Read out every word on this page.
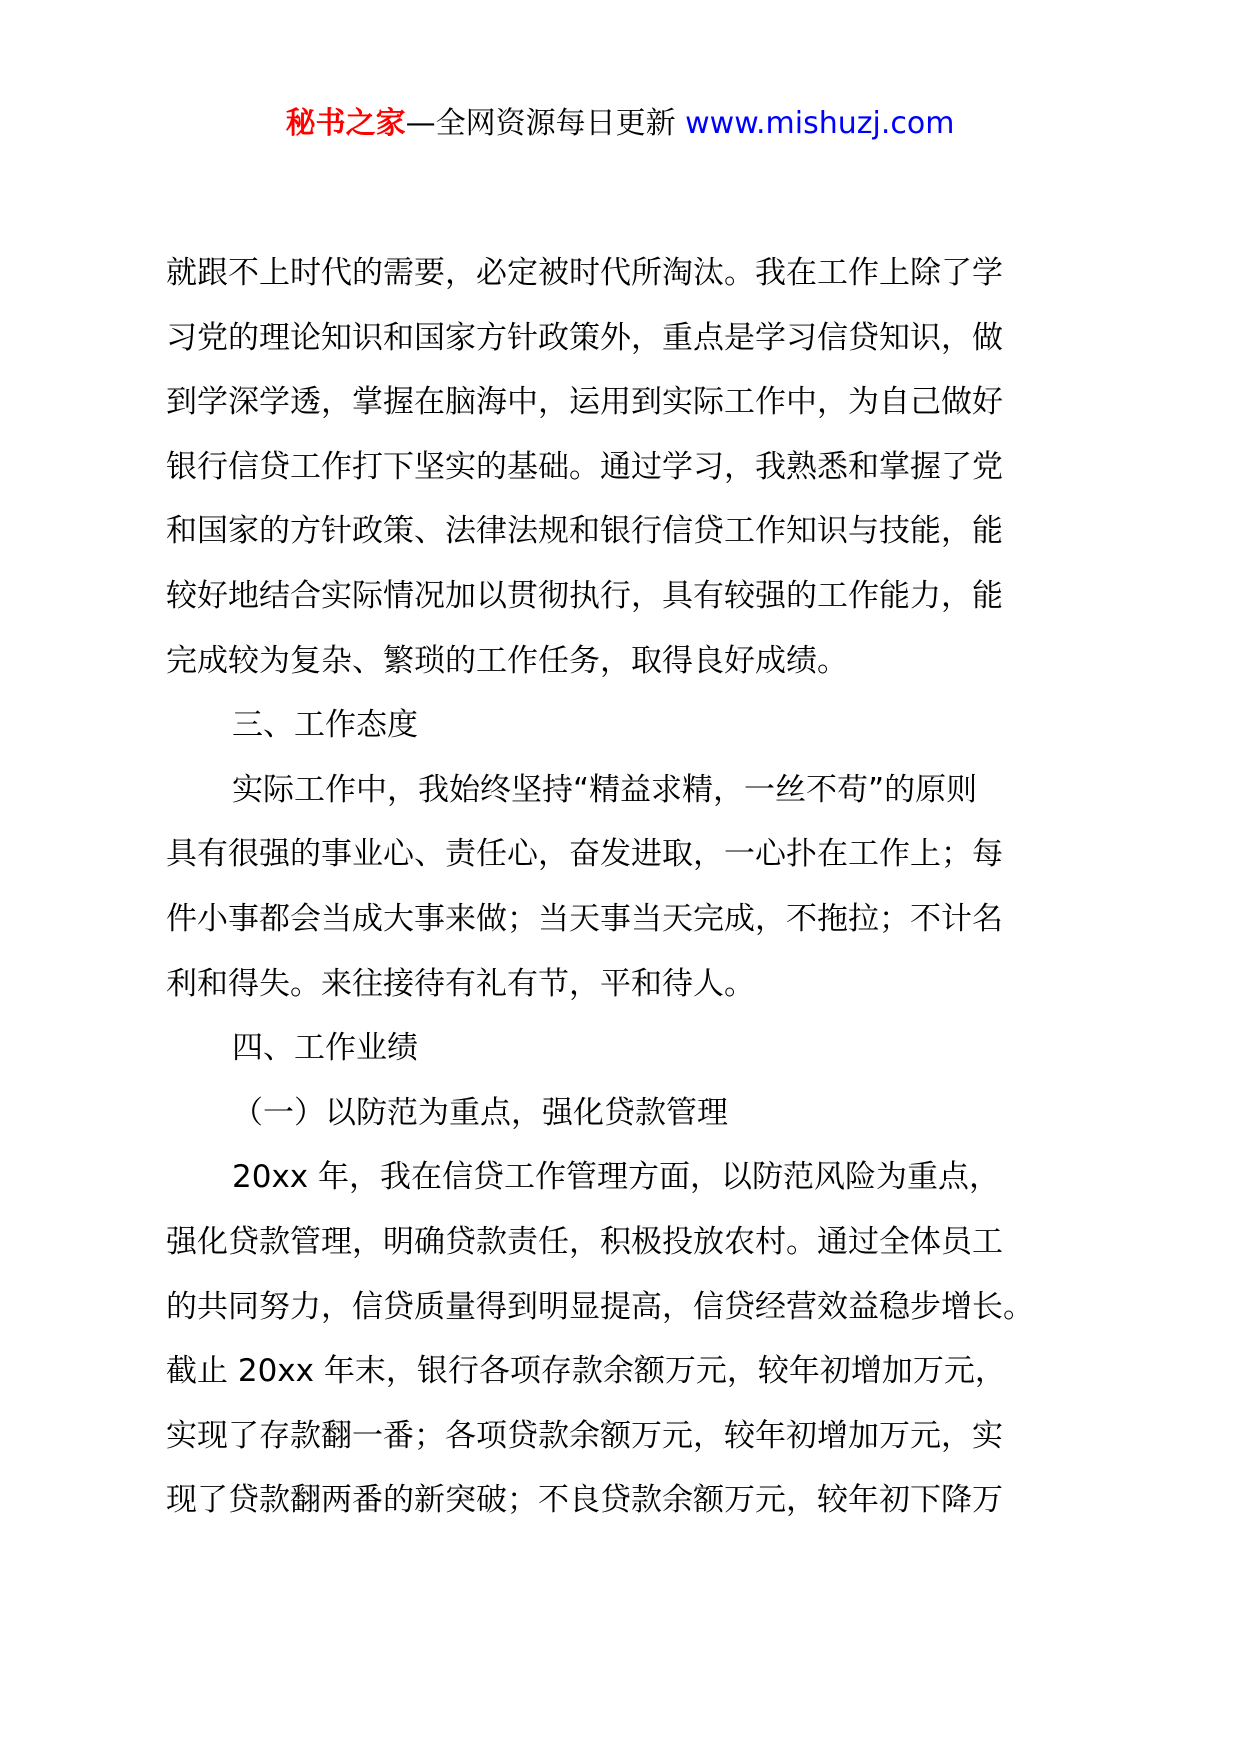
秘书之家—全网资源每日更新 www.mishuzj.com
就跟不上时代的需要，必定被时代所淘汰。我在工作上除了学
习党的理论知识和国家方针政策外，重点是学习信贷知识，做
到学深学透，掌握在脑海中，运用到实际工作中，为自己做好
银行信贷工作打下坚实的基础。通过学习，我熟悉和掌握了党
和国家的方针政策、法律法规和银行信贷工作知识与技能，能
较好地结合实际情况加以贯彻执行，具有较强的工作能力，能
完成较为复杂、繁琐的工作任务，取得良好成绩。
三、工作态度
实际工作中，我始终坚持“精益求精，一丝不苟”的原则
具有很强的事业心、责任心，奋发进取，一心扑在工作上；每
件小事都会当成大事来做；当天事当天完成，不拖拉；不计名
利和得失。来往接待有礼有节，平和待人。
四、工作业绩
（一）以防范为重点，强化贷款管理
20xx 年，我在信贷工作管理方面，以防范风险为重点，
强化贷款管理，明确贷款责任，积极投放农村。通过全体员工
的共同努力，信贷质量得到明显提高，信贷经营效益稳步增长。
截止 20xx 年末，银行各项存款余额万元，较年初增加万元，
实现了存款翻一番；各项贷款余额万元，较年初增加万元，实
现了贷款翻两番的新突破；不良贷款余额万元，较年初下降万
